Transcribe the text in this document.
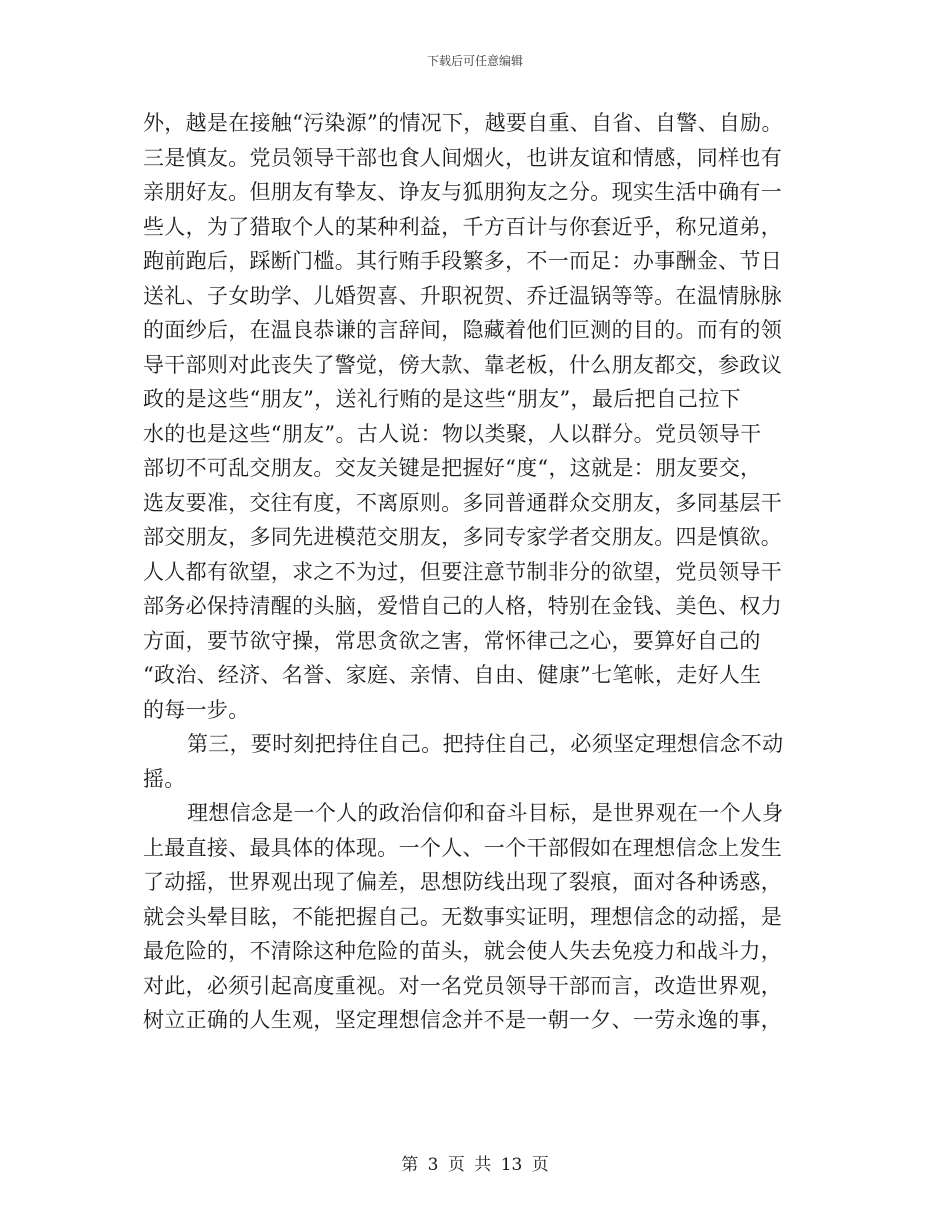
下载后可任意编辑
外，越是在接触“污染源”的情况下，越要自重、自省、自警、自励。
三是慎友。党员领导干部也食人间烟火，也讲友谊和情感，同样也有
亲朋好友。但朋友有挚友、诤友与狐朋狗友之分。现实生活中确有一
些人，为了猎取个人的某种利益，千方百计与你套近乎，称兄道弟，
跑前跑后，踩断门槛。其行贿手段繁多，不一而足：办事酬金、节日
送礼、子女助学、儿婚贺喜、升职祝贺、乔迁温锅等等。在温情脉脉
的面纱后，在温良恭谦的言辞间，隐藏着他们叵测的目的。而有的领
导干部则对此丧失了警觉，傍大款、靠老板，什么朋友都交，参政议
政的是这些“朋友”，送礼行贿的是这些“朋友”，最后把自己拉下
水的也是这些“朋友”。古人说：物以类聚，人以群分。党员领导干
部切不可乱交朋友。交友关键是把握好“度“，这就是：朋友要交，
选友要准，交往有度，不离原则。多同普通群众交朋友，多同基层干
部交朋友，多同先进模范交朋友，多同专家学者交朋友。四是慎欲。
人人都有欲望，求之不为过，但要注意节制非分的欲望，党员领导干
部务必保持清醒的头脑，爱惜自己的人格，特别在金钱、美色、权力
方面，要节欲守操，常思贪欲之害，常怀律己之心，要算好自己的
“政治、经济、名誉、家庭、亲情、自由、健康”七笔帐，走好人生
的每一步。
第三，要时刻把持住自己。把持住自己，必须坚定理想信念不动
摇。
理想信念是一个人的政治信仰和奋斗目标，是世界观在一个人身
上最直接、最具体的体现。一个人、一个干部假如在理想信念上发生
了动摇，世界观出现了偏差，思想防线出现了裂痕，面对各种诱惑，
就会头晕目眩，不能把握自己。无数事实证明，理想信念的动摇，是
最危险的，不清除这种危险的苗头，就会使人失去免疫力和战斗力，
对此，必须引起高度重视。对一名党员领导干部而言，改造世界观，
树立正确的人生观，坚定理想信念并不是一朝一夕、一劳永逸的事，
第 3 页 共 13 页
